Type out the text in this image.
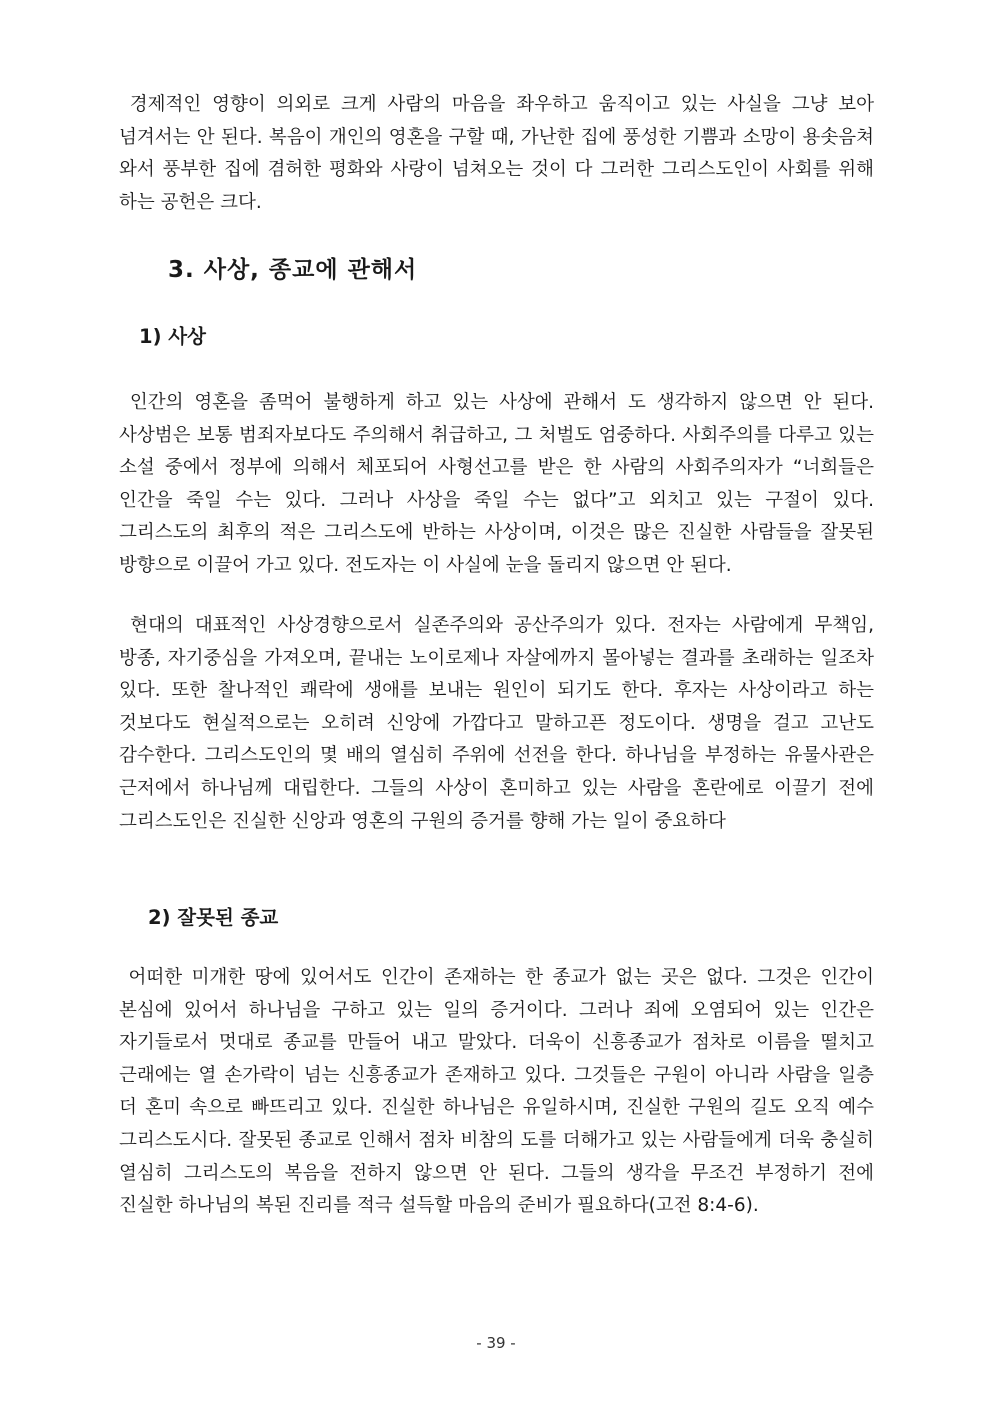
경제적인 영향이 의외로 크게 사람의 마음을 좌우하고 움직이고 있는 사실을 그냥 보아 넘겨서는 안 된다. 복음이 개인의 영혼을 구할 때, 가난한 집에 풍성한 기쁨과 소망이 용솟음쳐 와서 풍부한 집에 겸허한 평화와 사랑이 넘쳐오는 것이 다 그러한 그리스도인이 사회를 위해 하는 공헌은 크다.

3. 사상, 종교에 관해서
1) 사상

인간의 영혼을 좀먹어 불행하게 하고 있는 사상에 관해서 도 생각하지 않으면 안 된다. 사상범은 보통 범죄자보다도 주의해서 취급하고, 그 처벌도 엄중하다. 사회주의를 다루고 있는 소설 중에서 정부에 의해서 체포되어 사형선고를 받은 한 사람의 사회주의자가 “너희들은 인간을 죽일 수는 있다. 그러나 사상을 죽일 수는 없다”고 외치고 있는 구절이 있다. 그리스도의 최후의 적은 그리스도에 반하는 사상이며, 이것은 많은 진실한 사람들을 잘못된 방향으로 이끌어 가고 있다. 전도자는 이 사실에 눈을 돌리지 않으면 안 된다.

현대의 대표적인 사상경향으로서 실존주의와 공산주의가 있다. 전자는 사람에게 무책임, 방종, 자기중심을 가져오며, 끝내는 노이로제나 자살에까지 몰아넣는 결과를 초래하는 일조차 있다. 또한 찰나적인 쾌락에 생애를 보내는 원인이 되기도 한다. 후자는 사상이라고 하는 것보다도 현실적으로는 오히려 신앙에 가깝다고 말하고픈 정도이다. 생명을 걸고 고난도 감수한다. 그리스도인의 몇 배의 열심히 주위에 선전을 한다. 하나님을 부정하는 유물사관은 근저에서 하나님께 대립한다. 그들의 사상이 혼미하고 있는 사람을 혼란에로 이끌기 전에 그리스도인은 진실한 신앙과 영혼의 구원의 증거를 향해 가는 일이 중요하다

2) 잘못된 종교

어떠한 미개한 땅에 있어서도 인간이 존재하는 한 종교가 없는 곳은 없다. 그것은 인간이 본심에 있어서 하나님을 구하고 있는 일의 증거이다. 그러나 죄에 오염되어 있는 인간은 자기들로서 멋대로 종교를 만들어 내고 말았다. 더욱이 신흥종교가 점차로 이름을 떨치고 근래에는 열 손가락이 넘는 신흥종교가 존재하고 있다. 그것들은 구원이 아니라 사람을 일층 더 혼미 속으로 빠뜨리고 있다. 진실한 하나님은 유일하시며, 진실한 구원의 길도 오직 예수 그리스도시다. 잘못된 종교로 인해서 점차 비참의 도를 더해가고 있는 사람들에게 더욱 충실히 열심히 그리스도의 복음을 전하지 않으면 안 된다. 그들의 생각을 무조건 부정하기 전에 진실한 하나님의 복된 진리를 적극 설득할 마음의 준비가 필요하다(고전 8:4-6).

- 39 -
